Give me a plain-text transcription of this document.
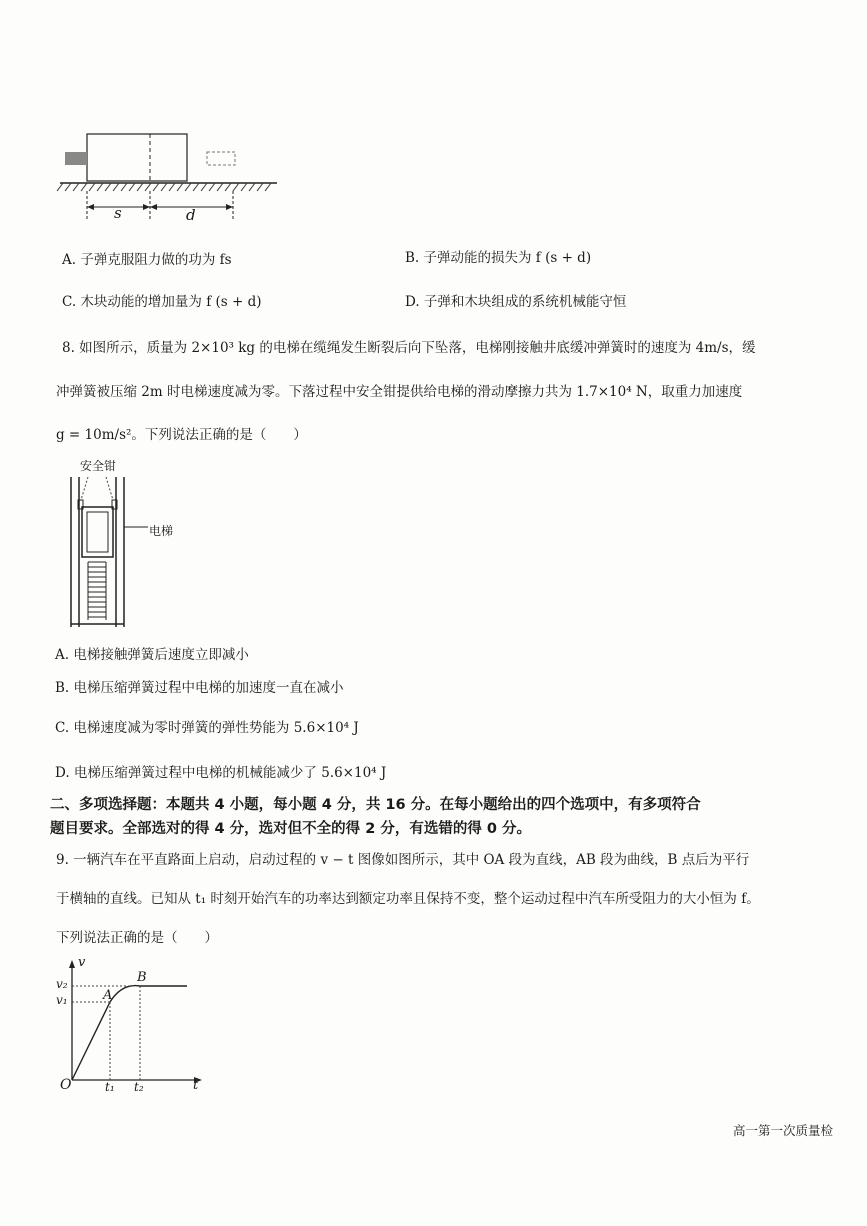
s	d
A. 子弹克服阻力做的功为 fs	B. 子弹动能的损失为 f (s + d)
C. 木块动能的增加量为 f (s + d)	D. 子弹和木块组成的系统机械能守恒
8. 如图所示，质量为 2×10³ kg 的电梯在缆绳发生断裂后向下坠落，电梯刚接触井底缓冲弹簧时的速度为 4m/s，缓
冲弹簧被压缩 2m 时电梯速度减为零。下落过程中安全钳提供给电梯的滑动摩擦力共为 1.7×10⁴ N，取重力加速度
g = 10m/s²。下列说法正确的是（　　）
安全钳
电梯
A. 电梯接触弹簧后速度立即减小
B. 电梯压缩弹簧过程中电梯的加速度一直在减小
C. 电梯速度减为零时弹簧的弹性势能为 5.6×10⁴ J
D. 电梯压缩弹簧过程中电梯的机械能减少了 5.6×10⁴ J
二、多项选择题：本题共 4 小题，每小题 4 分，共 16 分。在每小题给出的四个选项中，有多项符合
题目要求。全部选对的得 4 分，选对但不全的得 2 分，有选错的得 0 分。
9. 一辆汽车在平直路面上启动，启动过程的 v − t 图像如图所示，其中 OA 段为直线，AB 段为曲线，B 点后为平行
于横轴的直线。已知从 t₁ 时刻开始汽车的功率达到额定功率且保持不变，整个运动过程中汽车所受阻力的大小恒为 f。
下列说法正确的是（　　）
v
t
O
A
B
v₁
v₂
t₁ t₂
高一第一次质量检
